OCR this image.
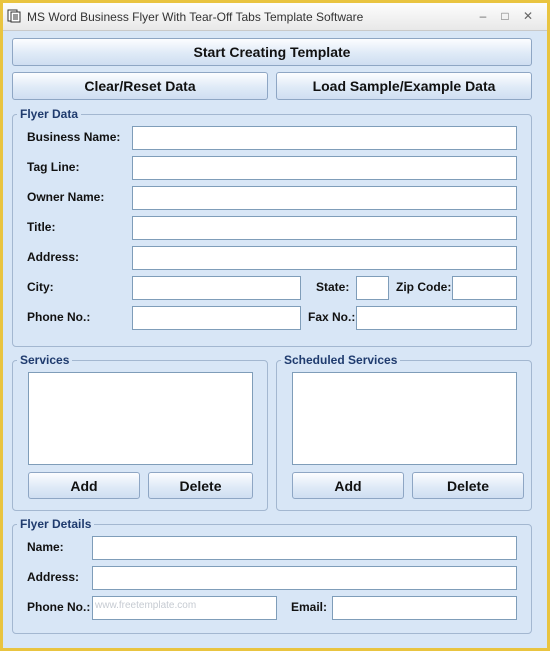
MS Word Business Flyer With Tear-Off Tabs Template Software	–	□	✕
Start Creating Template
Clear/Reset Data	Load Sample/Example Data
Flyer Data
Business Name:
Tag Line:
Owner Name:
Title:
Address:
City:	State:	Zip Code:
Phone No.:	Fax No.:
Services
Add	Delete
Scheduled Services
Add	Delete
Flyer Details
Name:
Address:
Phone No.: www.freetemplate.com	Email:
